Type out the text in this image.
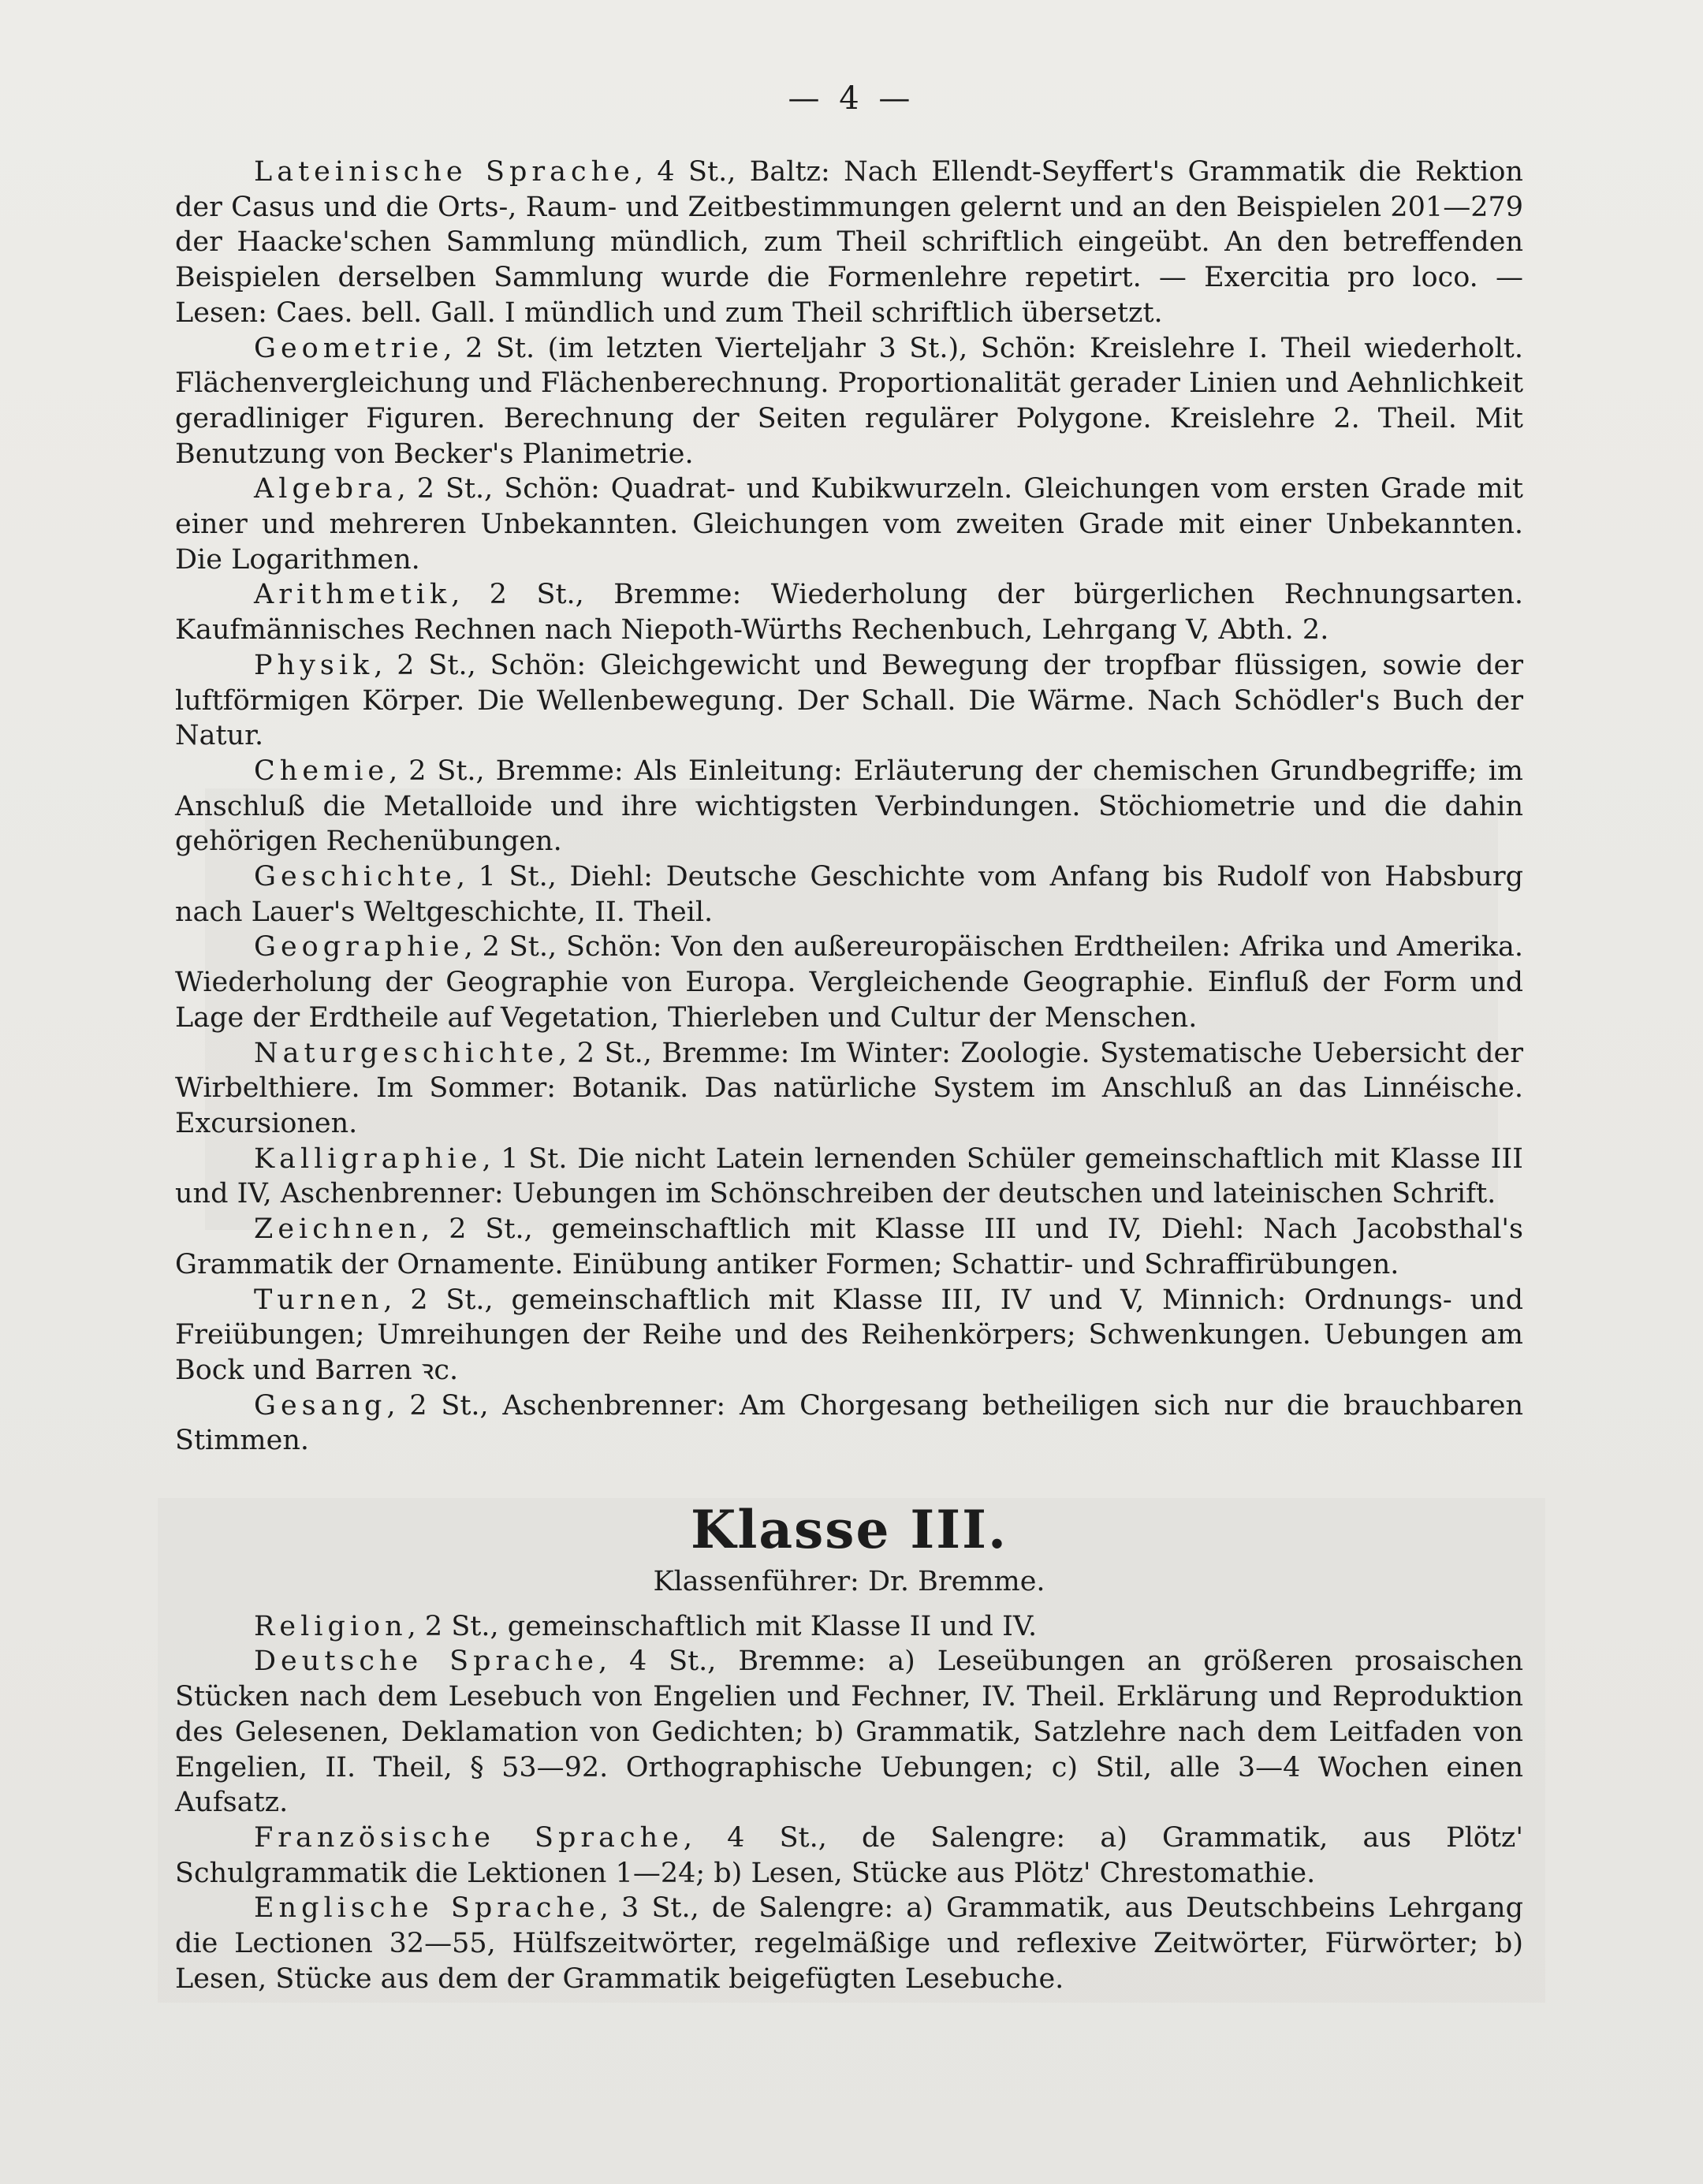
— 4 —

Lateinische Sprache, 4 St., Baltz: Nach Ellendt-Seyffert's Grammatik die Rektion der Casus und die Orts-, Raum- und Zeitbestimmungen gelernt und an den Beispielen 201—279 der Haacke'schen Sammlung mündlich, zum Theil schriftlich eingeübt. An den betreffenden Beispielen derselben Sammlung wurde die Formenlehre repetirt. — Exercitia pro loco. — Lesen: Caes. bell. Gall. I mündlich und zum Theil schriftlich übersetzt.

Geometrie, 2 St. (im letzten Vierteljahr 3 St.), Schön: Kreislehre I. Theil wiederholt. Flächenvergleichung und Flächenberechnung. Proportionalität gerader Linien und Aehnlichkeit geradliniger Figuren. Berechnung der Seiten regulärer Polygone. Kreislehre 2. Theil. Mit Benutzung von Becker's Planimetrie.

Algebra, 2 St., Schön: Quadrat- und Kubikwurzeln. Gleichungen vom ersten Grade mit einer und mehreren Unbekannten. Gleichungen vom zweiten Grade mit einer Unbekannten. Die Logarithmen.

Arithmetik, 2 St., Bremme: Wiederholung der bürgerlichen Rechnungsarten. Kaufmännisches Rechnen nach Niepoth-Würths Rechenbuch, Lehrgang V, Abth. 2.

Physik, 2 St., Schön: Gleichgewicht und Bewegung der tropfbar flüssigen, sowie der luftförmigen Körper. Die Wellenbewegung. Der Schall. Die Wärme. Nach Schödler's Buch der Natur.

Chemie, 2 St., Bremme: Als Einleitung: Erläuterung der chemischen Grundbegriffe; im Anschluß die Metalloide und ihre wichtigsten Verbindungen. Stöchiometrie und die dahin gehörigen Rechenübungen.

Geschichte, 1 St., Diehl: Deutsche Geschichte vom Anfang bis Rudolf von Habsburg nach Lauer's Weltgeschichte, II. Theil.

Geographie, 2 St., Schön: Von den außereuropäischen Erdtheilen: Afrika und Amerika. Wiederholung der Geographie von Europa. Vergleichende Geographie. Einfluß der Form und Lage der Erdtheile auf Vegetation, Thierleben und Cultur der Menschen.

Naturgeschichte, 2 St., Bremme: Im Winter: Zoologie. Systematische Uebersicht der Wirbelthiere. Im Sommer: Botanik. Das natürliche System im Anschluß an das Linnéische. Excursionen.

Kalligraphie, 1 St. Die nicht Latein lernenden Schüler gemeinschaftlich mit Klasse III und IV, Aschenbrenner: Uebungen im Schönschreiben der deutschen und lateinischen Schrift.

Zeichnen, 2 St., gemeinschaftlich mit Klasse III und IV, Diehl: Nach Jacobsthal's Grammatik der Ornamente. Einübung antiker Formen; Schattir- und Schraffirübungen.

Turnen, 2 St., gemeinschaftlich mit Klasse III, IV und V, Minnich: Ordnungs- und Freiübungen; Umreihungen der Reihe und des Reihenkörpers; Schwenkungen. Uebungen am Bock und Barren ꝛc.

Gesang, 2 St., Aschenbrenner: Am Chorgesang betheiligen sich nur die brauchbaren Stimmen.

Klasse III.

Klassenführer: Dr. Bremme.

Religion, 2 St., gemeinschaftlich mit Klasse II und IV.

Deutsche Sprache, 4 St., Bremme: a) Leseübungen an größeren prosaischen Stücken nach dem Lesebuch von Engelien und Fechner, IV. Theil. Erklärung und Reproduktion des Gelesenen, Deklamation von Gedichten; b) Grammatik, Satzlehre nach dem Leitfaden von Engelien, II. Theil, § 53—92. Orthographische Uebungen; c) Stil, alle 3—4 Wochen einen Aufsatz.

Französische Sprache, 4 St., de Salengre: a) Grammatik, aus Plötz' Schulgrammatik die Lektionen 1—24; b) Lesen, Stücke aus Plötz' Chrestomathie.

Englische Sprache, 3 St., de Salengre: a) Grammatik, aus Deutschbeins Lehrgang die Lectionen 32—55, Hülfszeitwörter, regelmäßige und reflexive Zeitwörter, Fürwörter; b) Lesen, Stücke aus dem der Grammatik beigefügten Lesebuche.
